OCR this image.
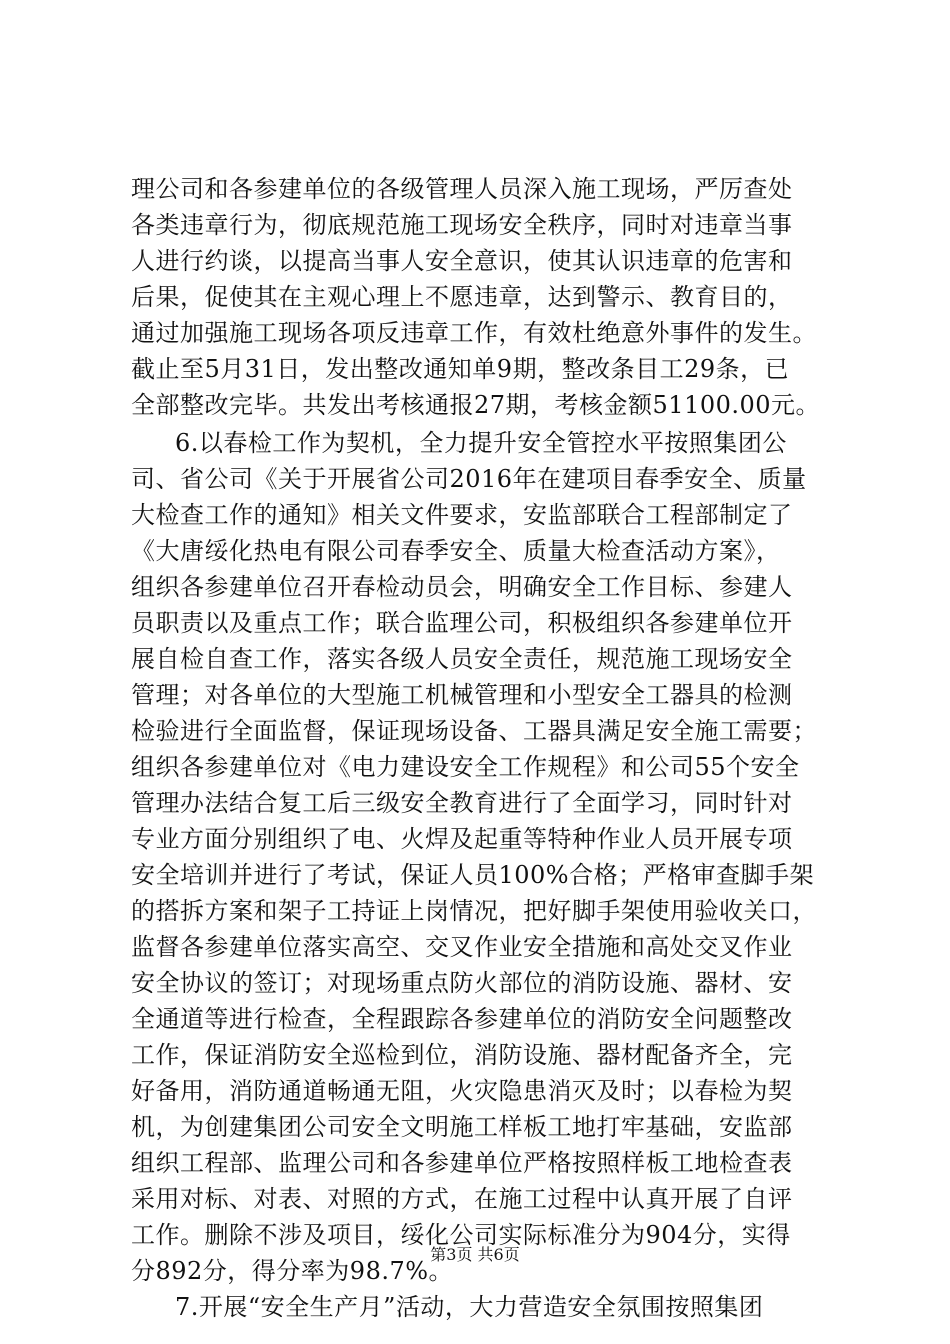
理公司和各参建单位的各级管理人员深入施工现场，严厉查处
各类违章行为，彻底规范施工现场安全秩序，同时对违章当事
人进行约谈，以提高当事人安全意识，使其认识违章的危害和
后果，促使其在主观心理上不愿违章，达到警示、教育目的，
通过加强施工现场各项反违章工作，有效杜绝意外事件的发生。
截止至5月31日，发出整改通知单9期，整改条目工29条，已
全部整改完毕。共发出考核通报27期，考核金额51100.00元。
6.以春检工作为契机，全力提升安全管控水平按照集团公
司、省公司《关于开展省公司2016年在建项目春季安全、质量
大检查工作的通知》相关文件要求，安监部联合工程部制定了
《大唐绥化热电有限公司春季安全、质量大检查活动方案》，
组织各参建单位召开春检动员会，明确安全工作目标、参建人
员职责以及重点工作；联合监理公司，积极组织各参建单位开
展自检自查工作，落实各级人员安全责任，规范施工现场安全
管理；对各单位的大型施工机械管理和小型安全工器具的检测
检验进行全面监督，保证现场设备、工器具满足安全施工需要；
组织各参建单位对《电力建设安全工作规程》和公司55个安全
管理办法结合复工后三级安全教育进行了全面学习，同时针对
专业方面分别组织了电、火焊及起重等特种作业人员开展专项
安全培训并进行了考试，保证人员100%合格；严格审查脚手架
的搭拆方案和架子工持证上岗情况，把好脚手架使用验收关口，
监督各参建单位落实高空、交叉作业安全措施和高处交叉作业
安全协议的签订；对现场重点防火部位的消防设施、器材、安
全通道等进行检查，全程跟踪各参建单位的消防安全问题整改
工作，保证消防安全巡检到位，消防设施、器材配备齐全，完
好备用，消防通道畅通无阻，火灾隐患消灭及时；以春检为契
机，为创建集团公司安全文明施工样板工地打牢基础，安监部
组织工程部、监理公司和各参建单位严格按照样板工地检查表
采用对标、对表、对照的方式，在施工过程中认真开展了自评
工作。删除不涉及项目，绥化公司实际标准分为904分，实得
分892分，得分率为98.7%。
7.开展“安全生产月”活动，大力营造安全氛围按照集团
第3页 共6页
